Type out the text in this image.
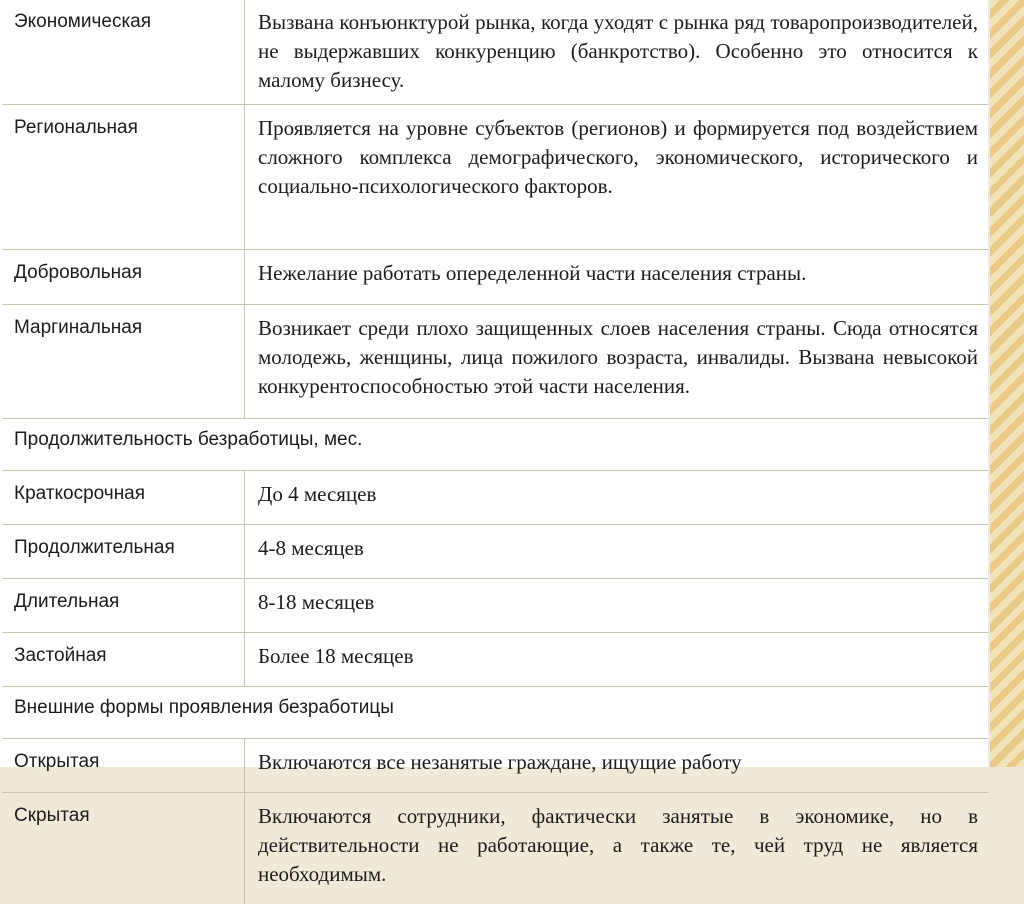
Экономическая	Вызвана конъюнктурой рынка, когда уходят с рынка ряд товаропроизводителей, не выдержавших конкуренцию (банкротство). Особенно это относится к малому бизнесу.
Региональная	Проявляется на уровне субъектов (регионов) и формируется под воздействием сложного комплекса демографического, экономического, исторического и социально-психологического факторов.
Добровольная	Нежелание работать опеределенной части населения страны.
Маргинальная	Возникает среди плохо защищенных слоев населения страны. Сюда относятся молодежь, женщины, лица пожилого возраста, инвалиды. Вызвана невысокой конкурентоспособностью этой части населения.
Продолжительность безработицы, мес.	
Краткосрочная	До 4 месяцев
Продолжительная	4-8 месяцев
Длительная	8-18 месяцев
Застойная	Более 18 месяцев
Внешние формы проявления безработицы	
Открытая	Включаются все незанятые граждане, ищущие работу
Скрытая	Включаются сотрудники, фактически занятые в экономике, но в действительности не работающие, а также те, чей труд не является необходимым.
